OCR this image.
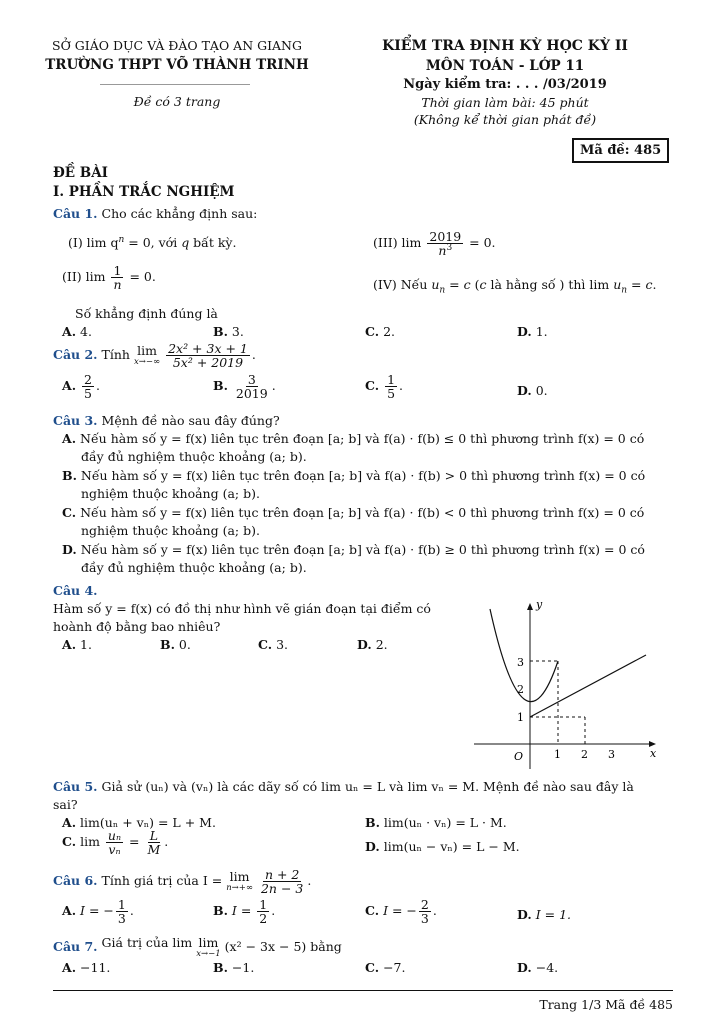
SỞ GIÁO DỤC VÀ ĐÀO TẠO AN GIANG
TRƯỜNG THPT VÕ THÀNH TRINH
Đề có 3 trang
KIỂM TRA ĐỊNH KỲ HỌC KỲ II
MÔN TOÁN - LỚP 11
Ngày kiểm tra: . . . /03/2019
Thời gian làm bài: 45 phút
(Không kể thời gian phát đề)
Mã đề: 485
ĐỀ BÀI
I. PHẦN TRẮC NGHIỆM
Câu 1. Cho các khẳng định sau:
(I) $\lim q^n = 0$, với q bất kỳ.	(III) $\lim \frac{2019}{n^3} = 0$.
(II) $\lim \frac{1}{n} = 0$.
(IV) Nếu $u_n = c$ (c là hằng số ) thì $\lim u_n = c$.
Số khẳng định đúng là
A. 4.	B. 3.	C. 2.	D. 1.
Câu 2. Tính lim
x→−∞
$\frac{\text{2x² + 3x + 1}}{\text{5x² + 2019}}$ .
A. $\frac{2}{5}$ .	B. $\frac{3}{2019}$ .	C. $\frac{1}{5}$ .	D. 0.
Câu 3. Mệnh đề nào sau đây đúng?
A. Nếu hàm số y = f(x) liên tục trên đoạn [a; b] và f(a) · f(b) ≤ 0 thì phương trình f(x) = 0 có
đầy đủ nghiệm thuộc khoảng (a; b).
B. Nếu hàm số y = f(x) liên tục trên đoạn [a; b] và f(a) · f(b) > 0 thì phương trình f(x) = 0 có
nghiệm thuộc khoảng (a; b).
C. Nếu hàm số y = f(x) liên tục trên đoạn [a; b] và f(a) · f(b) < 0 thì phương trình f(x) = 0 có
nghiệm thuộc khoảng (a; b).
D. Nếu hàm số y = f(x) liên tục trên đoạn [a; b] và f(a) · f(b) ≥ 0 thì phương trình f(x) = 0 có
đầy đủ nghiệm thuộc khoảng (a; b).
Câu 4.
Hàm số y = f(x) có đồ thị như hình vẽ gián đoạn tại điểm có
hoành độ bằng bao nhiêu?
A. 1.	B. 0.	C. 3.	D. 2.
y
x
O
1
2
3
1 2 3
Câu 5. Giả sử (uₙ) và (vₙ) là các dãy số có lim uₙ = L và lim vₙ = M. Mệnh đề nào sau đây là
sai?
A. lim(uₙ + vₙ) = L + M.	B. lim(uₙ · vₙ) = L · M.
C. $\lim \frac{\text{uₙ}}{\text{vₙ}} = \frac{L}{M}$ .	D. lim(uₙ − vₙ) = L − M.
Câu 6. Tính giá trị của I = lim
n→+∞
$\frac{n + 2}{2n - 3}$ .
A. I = − $\frac{1}{3}$ .	B. $I = \frac{1}{2}$ .	C. I = − $\frac{2}{3}$ .	D. I = 1.
Câu 7. Giá trị của lim
lim
x→−1 (x² − 3x − 5) bằng
A. −11.	B. −1.	C. −7.	D. −4.
Trang 1/3 Mã đề 485
